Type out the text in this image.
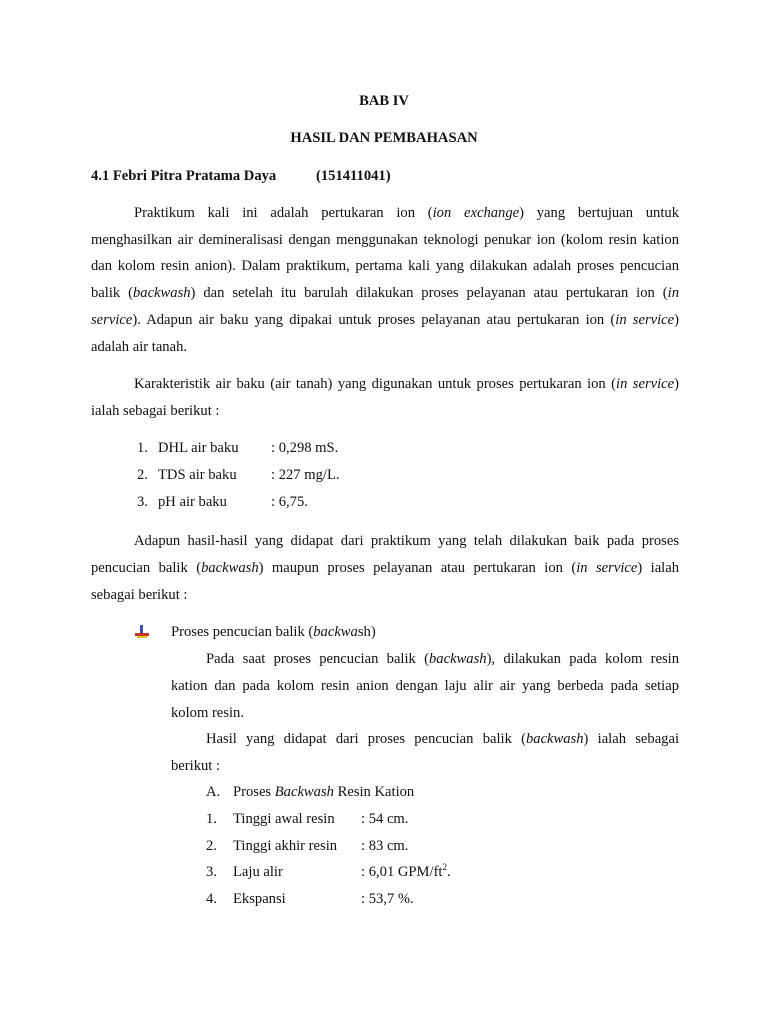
BAB IV
HASIL DAN PEMBAHASAN
4.1 Febri Pitra Pratama Daya	(151411041)
Praktikum kali ini adalah pertukaran ion (ion exchange) yang bertujuan untuk
menghasilkan air demineralisasi dengan menggunakan teknologi penukar ion (kolom resin kation
dan kolom resin anion). Dalam praktikum, pertama kali yang dilakukan adalah proses pencucian
balik (backwash) dan setelah itu barulah dilakukan proses pelayanan atau pertukaran ion (in
service). Adapun air baku yang dipakai untuk proses pelayanan atau pertukaran ion (in service)
adalah air tanah.
Karakteristik air baku (air tanah) yang digunakan untuk proses pertukaran ion (in service)
ialah sebagai berikut :
1. DHL air baku : 0,298 mS.
2. TDS air baku : 227 mg/L.
3. pH air baku	: 6,75.
Adapun hasil-hasil yang didapat dari praktikum yang telah dilakukan baik pada proses
pencucian balik (backwash) maupun proses pelayanan atau pertukaran ion (in service) ialah
sebagai berikut :
Proses pencucian balik (backwash)
Pada saat proses pencucian balik (backwash), dilakukan pada kolom resin
kation dan pada kolom resin anion dengan laju alir air yang berbeda pada setiap
kolom resin.
Hasil yang didapat dari proses pencucian balik (backwash) ialah sebagai
berikut :
A. Proses Backwash Resin Kation
1. Tinggi awal resin : 54 cm.
2. Tinggi akhir resin : 83 cm.
3. Laju alir	: 6,01 GPM/$ft^2$.
4. Ekspansi	: 53,7 %.
